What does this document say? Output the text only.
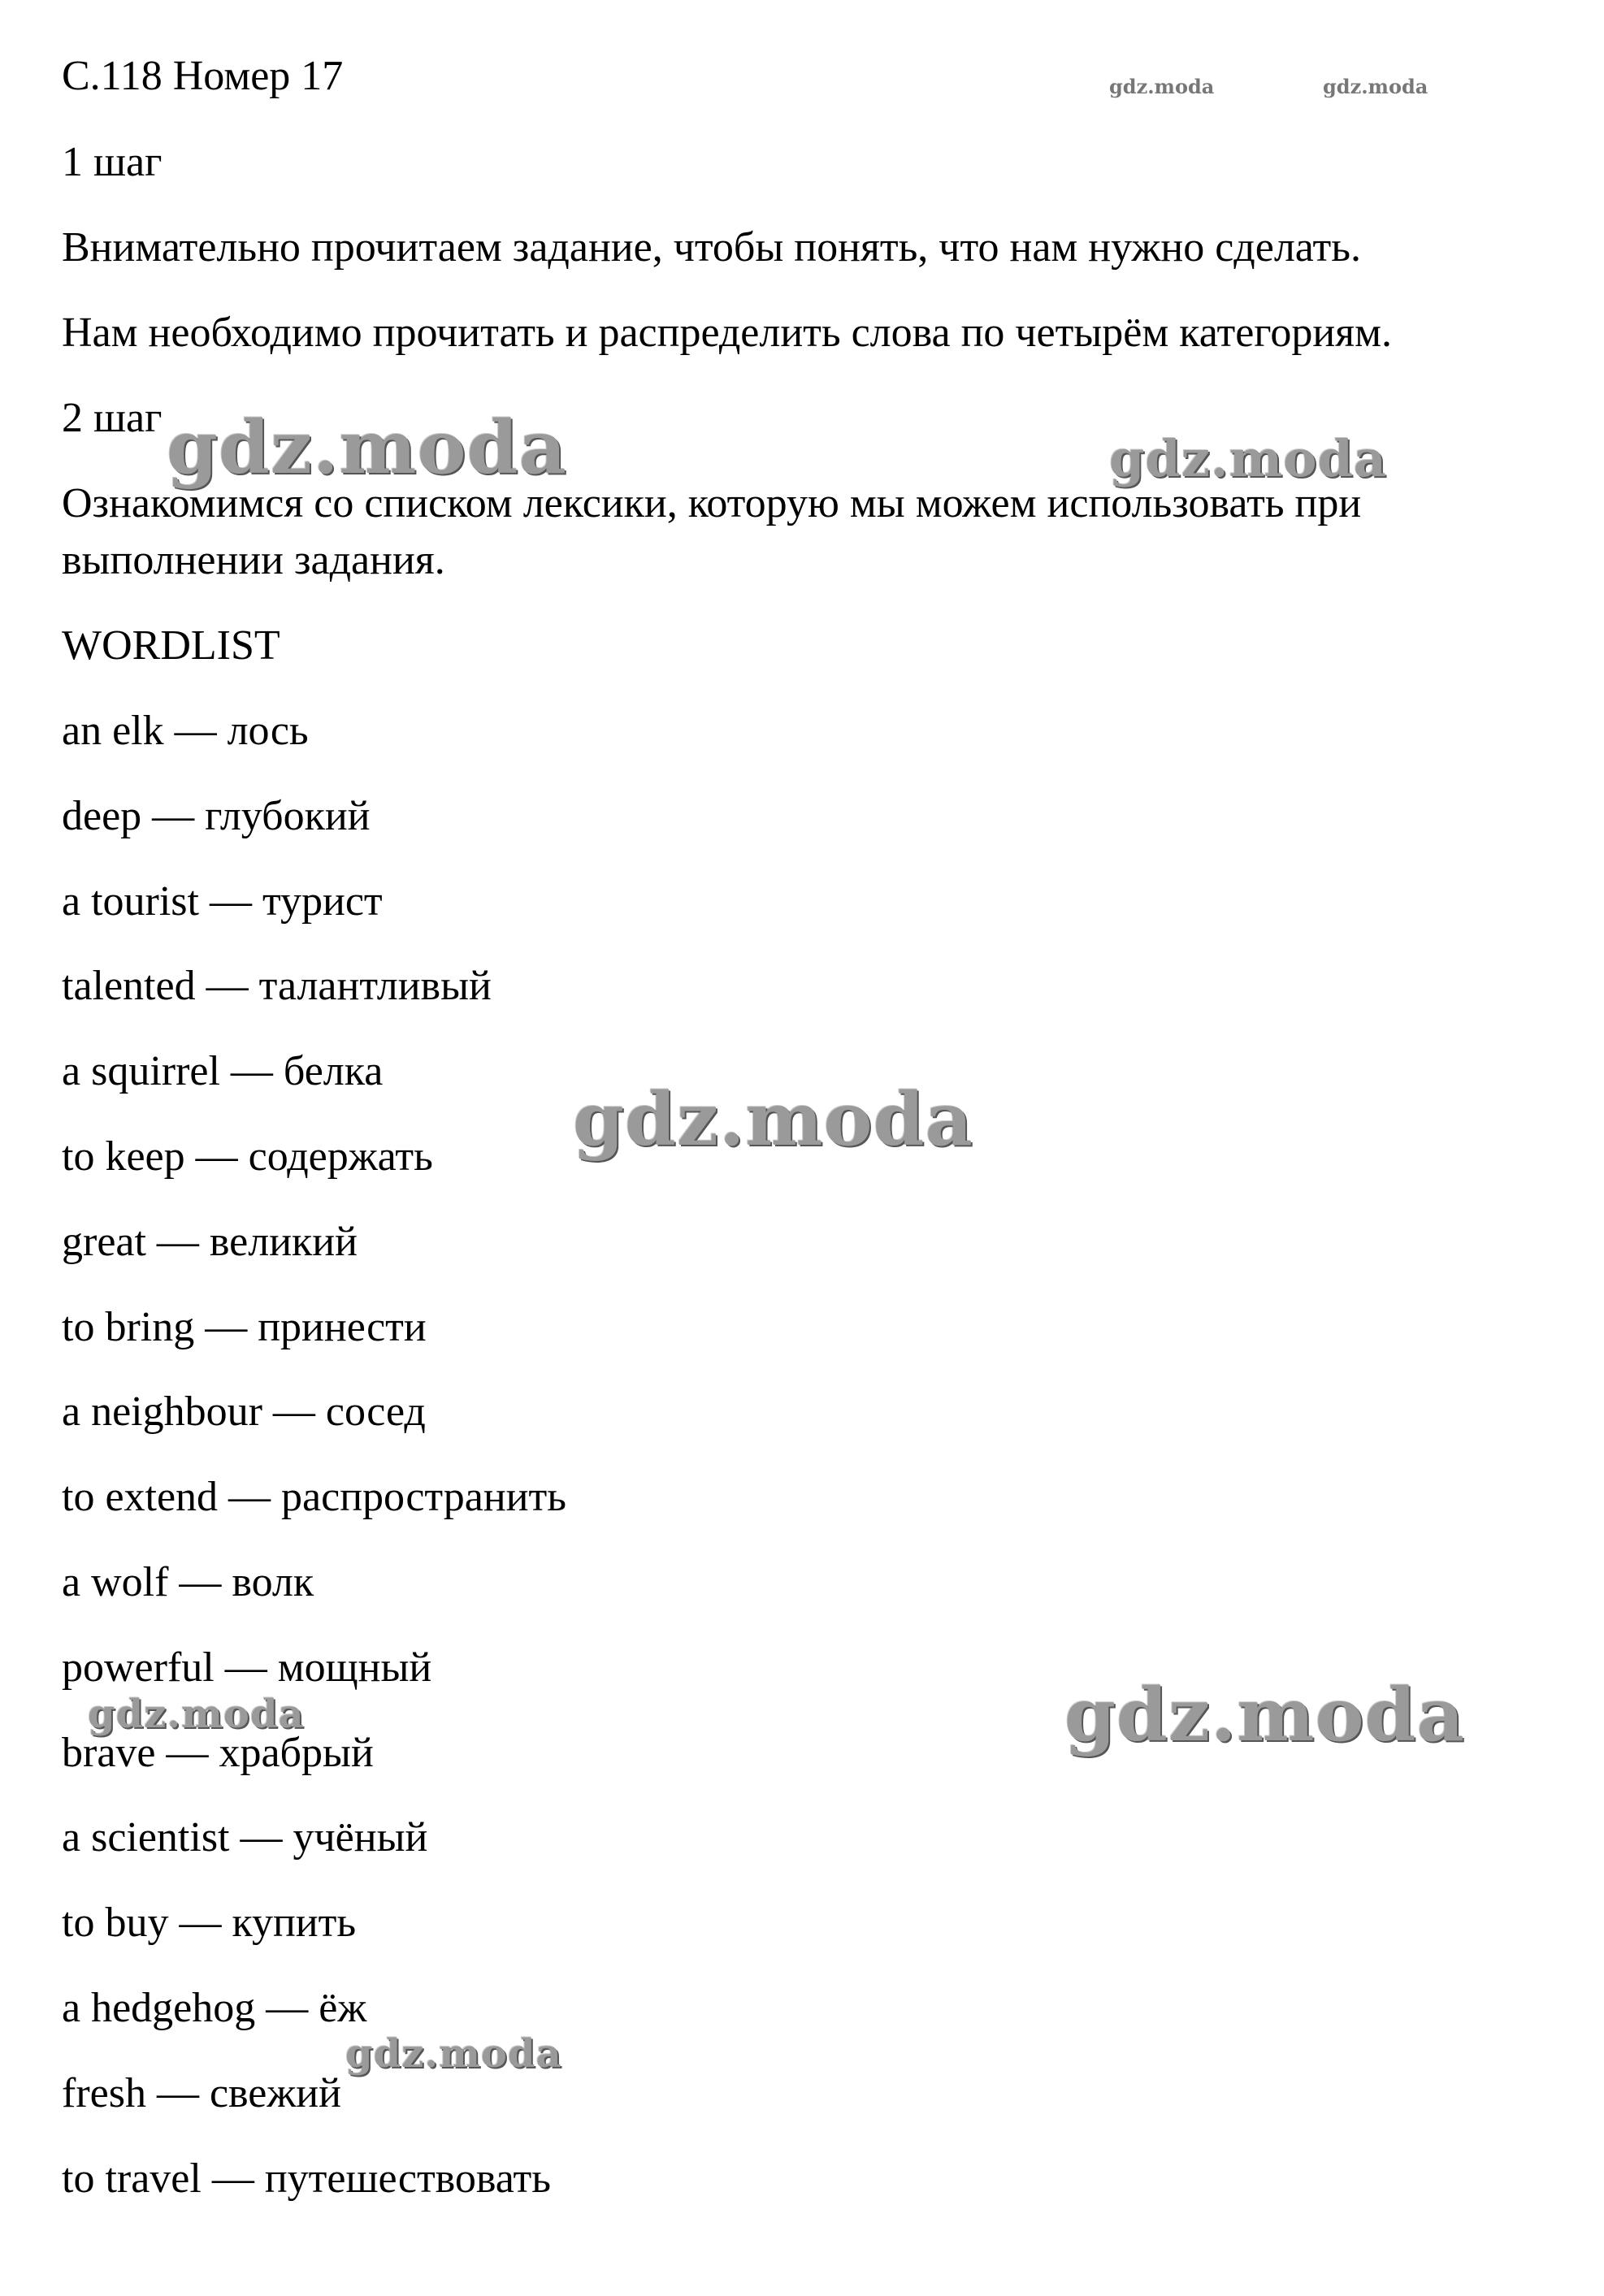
С.118 Номер 17
1 шаг
Внимательно прочитаем задание, чтобы понять, что нам нужно сделать.
Нам необходимо прочитать и распределить слова по четырём категориям.
2 шаг
Ознакомимся со списком лексики, которую мы можем использовать при выполнении задания.
WORDLIST
an elk — лось
deep — глубокий
a tourist — турист
talented — талантливый
a squirrel — белка
to keep — содержать
great — великий
to bring — принести
a neighbour — сосед
to extend — распространить
a wolf — волк
powerful — мощный
brave — храбрый
a scientist — учёный
to buy — купить
a hedgehog — ёж
fresh — свежий
to travel — путешествовать
gdz.moda	gdz.moda
gdz.moda	gdz.moda
gdz.moda
gdz.moda	gdz.moda
gdz.moda
